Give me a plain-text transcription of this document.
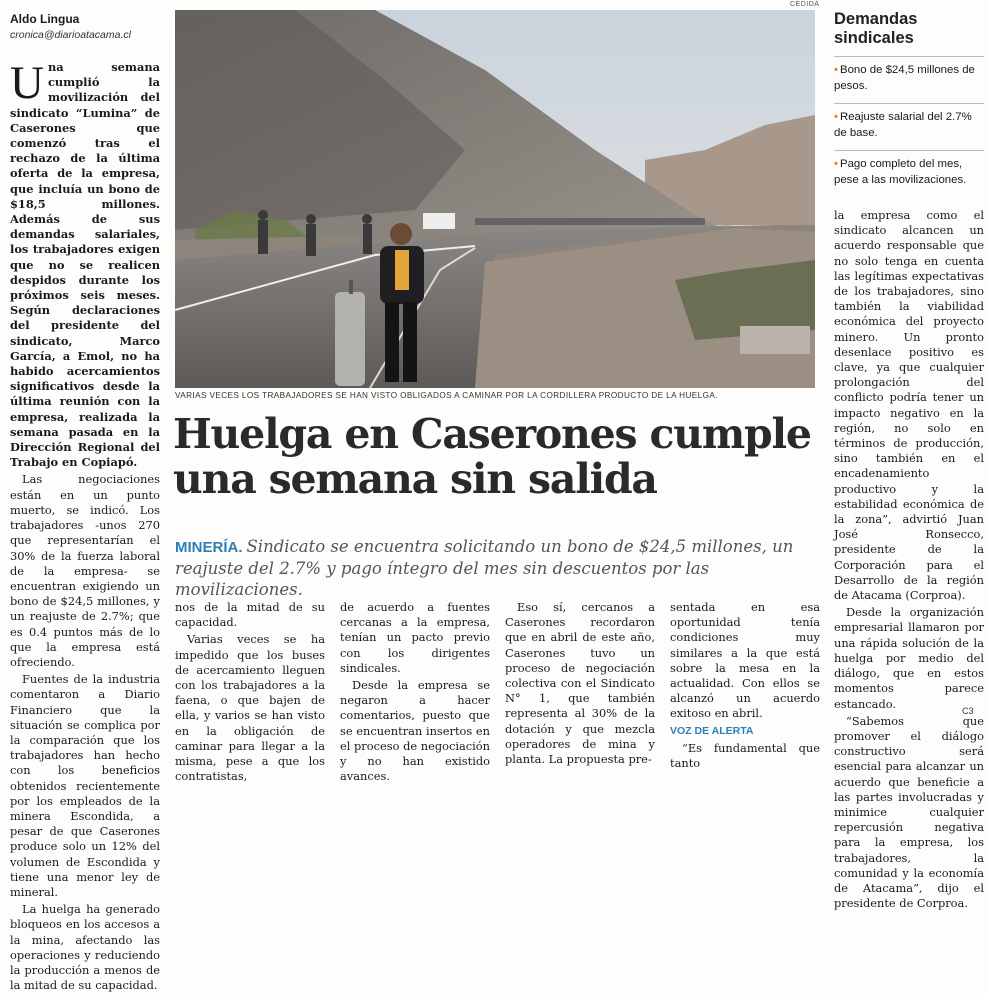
Aldo Lingua
cronica@diarioatacama.cl

Una semana cumplió la movilización del sindicato “Lumina” de Caserones que comenzó tras el rechazo de la última oferta de la empresa, que incluía un bono de $18,5 millones. Además de sus demandas salariales, los trabajadores exigen que no se realicen despidos durante los próximos seis meses. Según declaraciones del presidente del sindicato, Marco García, a Emol, no ha habido acercamientos significativos desde la última reunión con la empresa, realizada la semana pasada en la Dirección Regional del Trabajo en Copiapó.

Las negociaciones están en un punto muerto, se indicó. Los trabajadores -unos 270 que representarían el 30% de la fuerza laboral de la empresa- se encuentran exigiendo un bono de $24,5 millones, y un reajuste de 2.7%; que es 0.4 puntos más de lo que la empresa está ofreciendo.

Fuentes de la industria comentaron a Diario Financiero que la situación se complica por la comparación que los trabajadores han hecho con los beneficios obtenidos recientemente por los empleados de la minera Escondida, a pesar de que Caserones produce solo un 12% del volumen de Escondida y tiene una menor ley de mineral.

La huelga ha generado bloqueos en los accesos a la mina, afectando las operaciones y reduciendo la producción a menos de la mitad de su capacidad.

CEDIDA
VARIAS VECES LOS TRABAJADORES SE HAN VISTO OBLIGADOS A CAMINAR POR LA CORDILLERA PRODUCTO DE LA HUELGA.
Huelga en Caserones cumple
una semana sin salida
MINERÍA. Sindicato se encuentra solicitando un bono de $24,5 millones, un reajuste del 2.7% y pago íntegro del mes sin descuentos por las movilizaciones.

nos de la mitad de su capacidad.

Varias veces se ha impedido que los buses de acercamiento lleguen con los trabajadores a la faena, o que bajen de ella, y varios se han visto en la obligación de caminar para llegar a la misma, pese a que los contratistas,

de acuerdo a fuentes cercanas a la empresa, tenían un pacto previo con los dirigentes sindicales.

Desde la empresa se negaron a hacer comentarios, puesto que se encuentran insertos en el proceso de negociación y no han existido avances.

Eso sí, cercanos a Caserones recordaron que en abril de este año, Caserones tuvo un proceso de negociación colectiva con el Sindicato N° 1, que también representa al 30% de la dotación y que mezcla operadores de mina y planta. La propuesta pre-

sentada en esa oportunidad tenía condiciones muy similares a la que está sobre la mesa en la actualidad. Con ellos se alcanzó un acuerdo exitoso en abril.

VOZ DE ALERTA

“Es fundamental que tanto

Demandas sindicales
• Bono de $24,5 millones de pesos.
• Reajuste salarial del 2.7% de base.
• Pago completo del mes, pese a las movilizaciones.

la empresa como el sindicato alcancen un acuerdo responsable que no solo tenga en cuenta las legítimas expectativas de los trabajadores, sino también la viabilidad económica del proyecto minero. Un pronto desenlace positivo es clave, ya que cualquier prolongación del conflicto podría tener un impacto negativo en la región, no solo en términos de producción, sino también en el encadenamiento productivo y la estabilidad económica de la zona”, advirtió Juan José Ronsecco, presidente de la Corporación para el Desarrollo de la región de Atacama (Corproa).

Desde la organización empresarial llamaron por una rápida solución de la huelga por medio del diálogo, que en estos momentos parece estancado.

“Sabemos que promover el diálogo constructivo será esencial para alcanzar un acuerdo que beneficie a las partes involucradas y minimice cualquier repercusión negativa para la empresa, los trabajadores, la comunidad y la economía de Atacama”, dijo el presidente de Corproa.

C3
